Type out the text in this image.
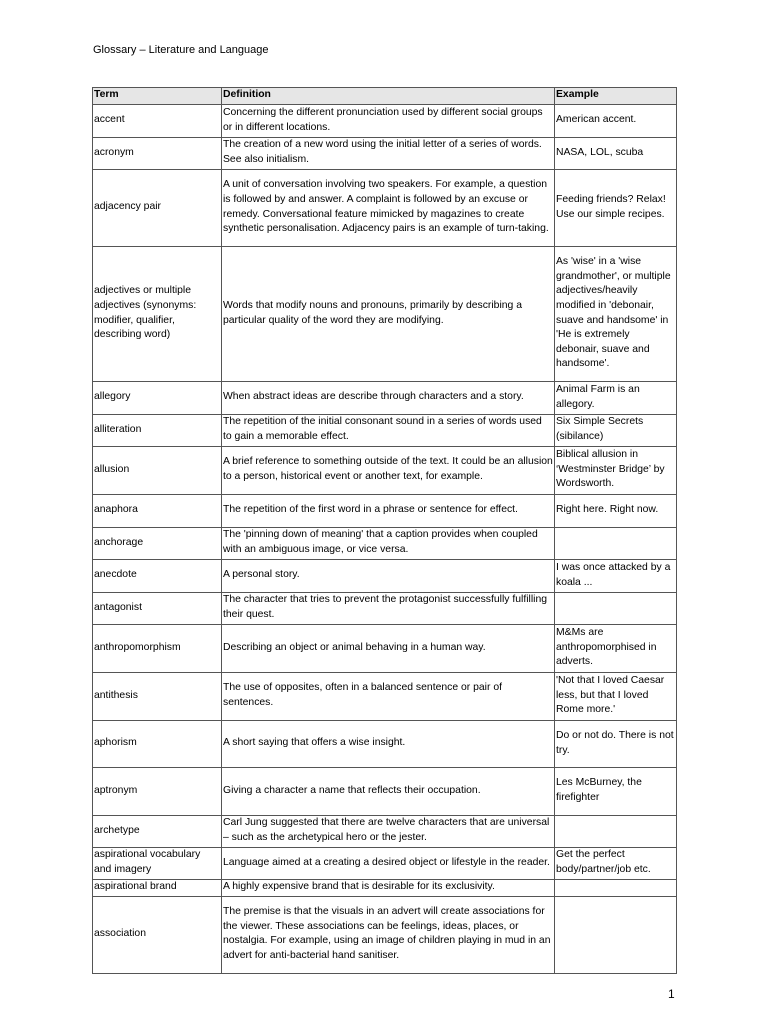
Glossary – Literature and Language
Term	Definition	Example
accent	Concerning the different pronunciation used by different social groups or in different locations.	American accent.
acronym	The creation of a new word using the initial letter of a series of words. See also initialism.	NASA, LOL, scuba
adjacency pair	A unit of conversation involving two speakers. For example, a question is followed by and answer. A complaint is followed by an excuse or remedy. Conversational feature mimicked by magazines to create synthetic personalisation. Adjacency pairs is an example of turn-taking.	Feeding friends? Relax! Use our simple recipes.
adjectives or multiple adjectives (synonyms: modifier, qualifier, describing word)	Words that modify nouns and pronouns, primarily by describing a particular quality of the word they are modifying.	As 'wise' in a 'wise grandmother', or multiple adjectives/heavily modified in 'debonair, suave and handsome' in 'He is extremely debonair, suave and handsome'.
allegory	When abstract ideas are describe through characters and a story.	Animal Farm is an allegory.
alliteration	The repetition of the initial consonant sound in a series of words used to gain a memorable effect.	Six Simple Secrets (sibilance)
allusion	A brief reference to something outside of the text. It could be an allusion to a person, historical event or another text, for example.	Biblical allusion in ‘Westminster Bridge’ by Wordsworth.
anaphora	The repetition of the first word in a phrase or sentence for effect.	Right here. Right now.
anchorage	The 'pinning down of meaning' that a caption provides when coupled with an ambiguous image, or vice versa.	
anecdote	A personal story.	I was once attacked by a koala ...
antagonist	The character that tries to prevent the protagonist successfully fulfilling their quest.	
anthropomorphism	Describing an object or animal behaving in a human way.	M&Ms are anthropomorphised in adverts.
antithesis	The use of opposites, often in a balanced sentence or pair of sentences.	'Not that I loved Caesar less, but that I loved Rome more.'
aphorism	A short saying that offers a wise insight.	Do or not do. There is not try.
aptronym	Giving a character a name that reflects their occupation.	Les McBurney, the firefighter
archetype	Carl Jung suggested that there are twelve characters that are universal – such as the archetypical hero or the jester.	
aspirational vocabulary and imagery	Language aimed at a creating a desired object or lifestyle in the reader.	Get the perfect body/partner/job etc.
aspirational brand	A highly expensive brand that is desirable for its exclusivity.	
association	The premise is that the visuals in an advert will create associations for the viewer. These associations can be feelings, ideas, places, or nostalgia. For example, using an image of children playing in mud in an advert for anti-bacterial hand sanitiser.	
1
